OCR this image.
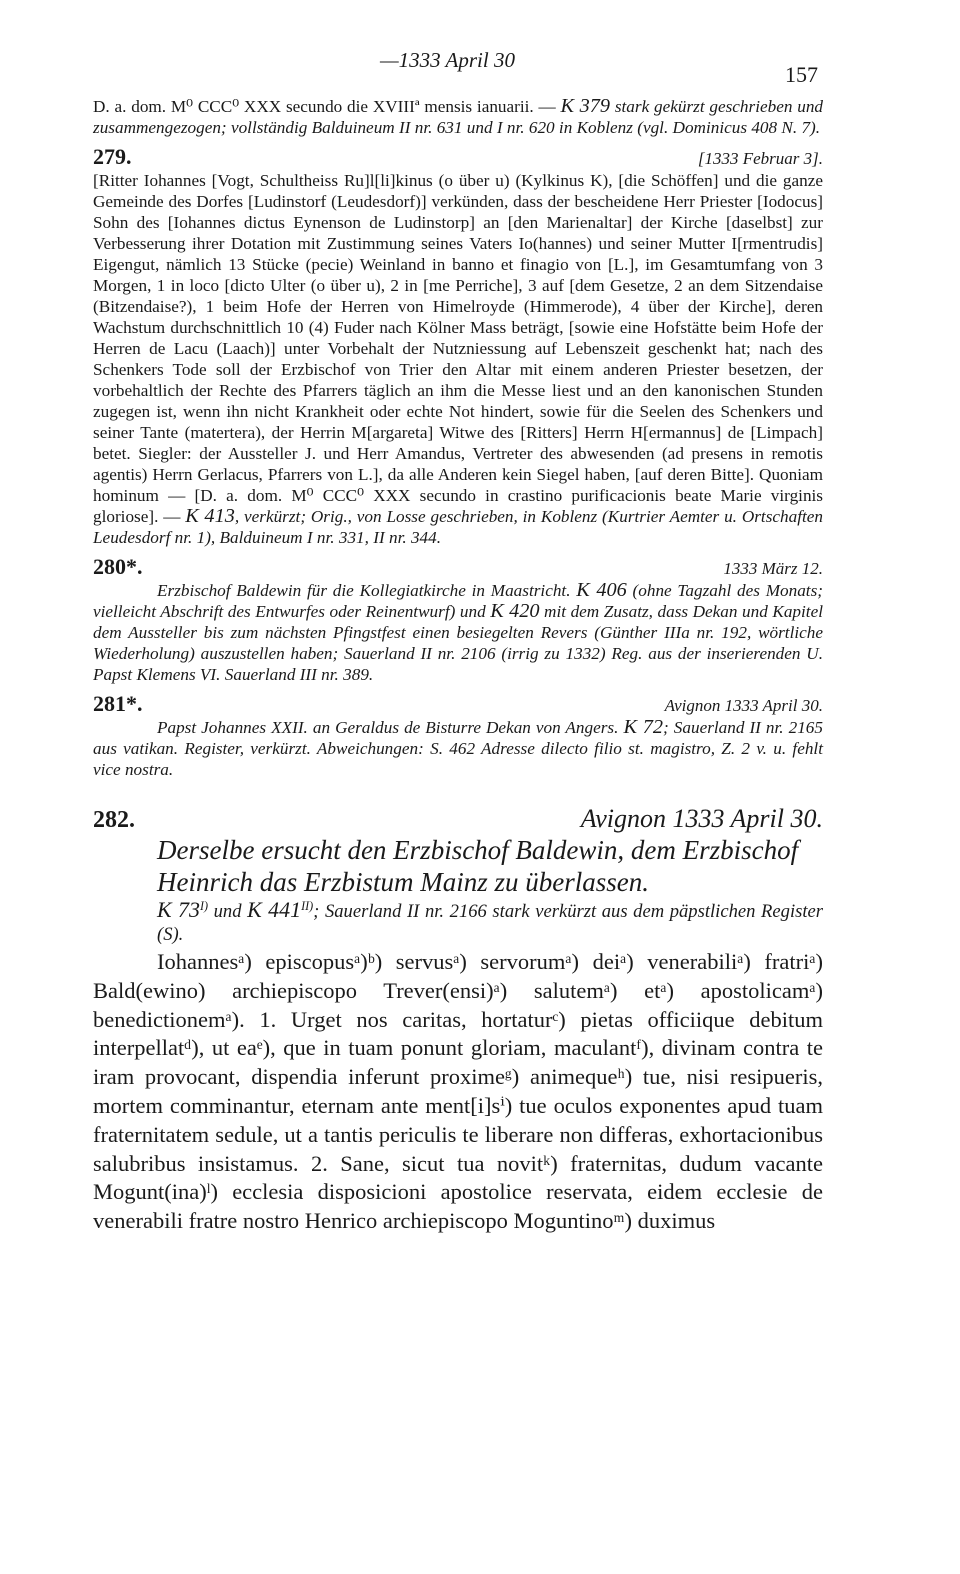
—1333 April 30
157

D. a. dom. M⁰ CCC⁰ XXX secundo die XVIIIª mensis ianuarii. — K 379 stark gekürzt geschrieben und zusammengezogen; vollständig Balduineum II nr. 631 und I nr. 620 in Koblenz (vgl. Dominicus 408 N. 7).

279.	[1333 Februar 3].

[Ritter Iohannes [Vogt, Schultheiss Ru]l[li]kinus (o über u) (Kylkinus K), [die Schöffen] und die ganze Gemeinde des Dorfes [Ludinstorf (Leudesdorf)] verkünden, dass der bescheidene Herr Priester [Iodocus] Sohn des [Iohannes dictus Eynenson de Ludinstorp] an [den Marienaltar] der Kirche [daselbst] zur Verbesserung ihrer Dotation mit Zustimmung seines Vaters Io(hannes) und seiner Mutter I[rmentrudis] Eigengut, nämlich 13 Stücke (pecie) Weinland in banno et finagio von [L.], im Gesamtumfang von 3 Morgen, 1 in loco [dicto Ulter (o über u), 2 in [me Perriche], 3 auf [dem Gesetze, 2 an dem Sitzendaise (Bitzendaise?), 1 beim Hofe der Herren von Himelroyde (Himmerode), 4 über der Kirche], deren Wachstum durchschnittlich 10 (4) Fuder nach Kölner Mass beträgt, [sowie eine Hofstätte beim Hofe der Herren de Lacu (Laach)] unter Vorbehalt der Nutzniessung auf Lebenszeit geschenkt hat; nach des Schenkers Tode soll der Erzbischof von Trier den Altar mit einem anderen Priester besetzen, der vorbehaltlich der Rechte des Pfarrers täglich an ihm die Messe liest und an den kanonischen Stunden zugegen ist, wenn ihn nicht Krankheit oder echte Not hindert, sowie für die Seelen des Schenkers und seiner Tante (matertera), der Herrin M[argareta] Witwe des [Ritters] Herrn H[ermannus] de [Limpach] betet. Siegler: der Aussteller J. und Herr Amandus, Vertreter des abwesenden (ad presens in remotis agentis) Herrn Gerlacus, Pfarrers von L.], da alle Anderen kein Siegel haben, [auf deren Bitte]. Quoniam hominum — [D. a. dom. M⁰ CCC⁰ XXX secundo in crastino purificacionis beate Marie virginis gloriose]. — K 413, verkürzt; Orig., von Losse geschrieben, in Koblenz (Kurtrier Aemter u. Ortschaften Leudesdorf nr. 1), Balduineum I nr. 331, II nr. 344.

280*.	1333 März 12.

Erzbischof Baldewin für die Kollegiatkirche in Maastricht. K 406 (ohne Tagzahl des Monats; vielleicht Abschrift des Entwurfes oder Reinentwurf) und K 420 mit dem Zusatz, dass Dekan und Kapitel dem Aussteller bis zum nächsten Pfingstfest einen besiegelten Revers (Günther IIIa nr. 192, wörtliche Wiederholung) auszustellen haben; Sauerland II nr. 2106 (irrig zu 1332) Reg. aus der inserierenden U. Papst Klemens VI. Sauerland III nr. 389.

281*.	Avignon 1333 April 30.

Papst Johannes XXII. an Geraldus de Bisturre Dekan von Angers. K 72; Sauerland II nr. 2165 aus vatikan. Register, verkürzt. Abweichungen: S. 462 Adresse dilecto filio st. magistro, Z. 2 v. u. fehlt vice nostra.

282.	Avignon 1333 April 30.

Derselbe ersucht den Erzbischof Baldewin, dem Erzbischof Heinrich das Erzbistum Mainz zu überlassen.

K $73^{I)}$ und K $441^{II)}$; Sauerland II nr. 2166 stark verkürzt aus dem päpstlichen Register (S).

Iohannesᵃ) episcopusᵃ)ᵇ) servusᵃ) servorumᵃ) deiᵃ) venerabiliᵃ) fratriᵃ) Bald(ewino) archiepiscopo Trever(ensi)ᵃ) salutemᵃ) etᵃ) apostolicamᵃ) benedictionemᵃ). 1. Urget nos caritas, hortaturᶜ) pietas officiique debitum interpellatᵈ), ut eaᵉ), que in tuam ponunt gloriam, maculantᶠ), divinam contra te iram provocant, dispendia inferunt proximeᵍ) animequeʰ) tue, nisi resipueris, mortem comminantur, eternam ante ment[i]sⁱ) tue oculos exponentes apud tuam fraternitatem sedule, ut a tantis periculis te liberare non differas, exhortacionibus salubribus insistamus. 2. Sane, sicut tua novitᵏ) fraternitas, dudum vacante Mogunt(ina)ˡ) ecclesia disposicioni apostolice reservata, eidem ecclesie de venerabili fratre nostro Henrico archiepiscopo Moguntinoᵐ) duximus
